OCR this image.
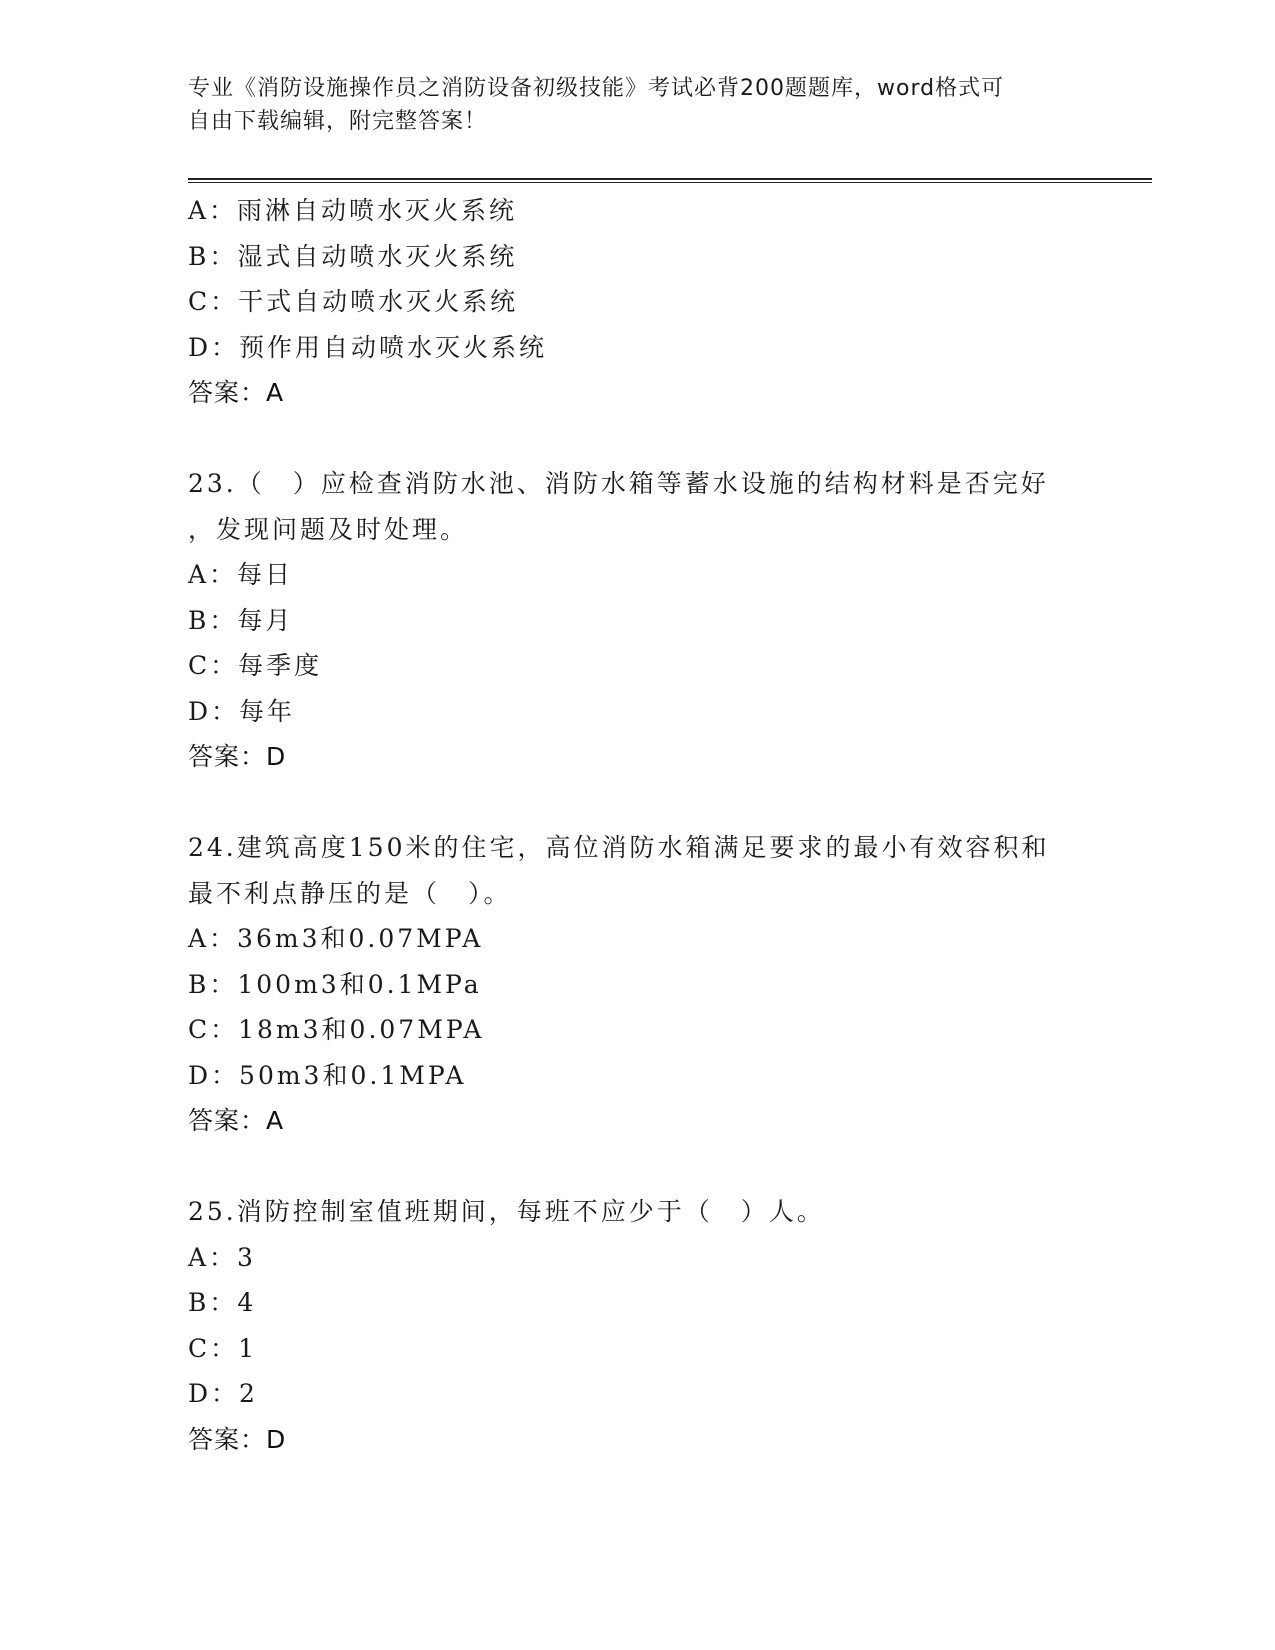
专业《消防设施操作员之消防设备初级技能》考试必背200题题库，word格式可
自由下载编辑，附完整答案！
A：雨淋自动喷水灭火系统
B：湿式自动喷水灭火系统
C：干式自动喷水灭火系统
D：预作用自动喷水灭火系统
答案：A
23.（　）应检查消防水池、消防水箱等蓄水设施的结构材料是否完好
，发现问题及时处理。
A：每日
B：每月
C：每季度
D：每年
答案：D
24.建筑高度150米的住宅，高位消防水箱满足要求的最小有效容积和
最不利点静压的是（　）。
A：36m3和0.07MPA
B：100m3和0.1MPa
C：18m3和0.07MPA
D：50m3和0.1MPA
答案：A
25.消防控制室值班期间，每班不应少于（　）人。
A：3
B：4
C：1
D：2
答案：D
